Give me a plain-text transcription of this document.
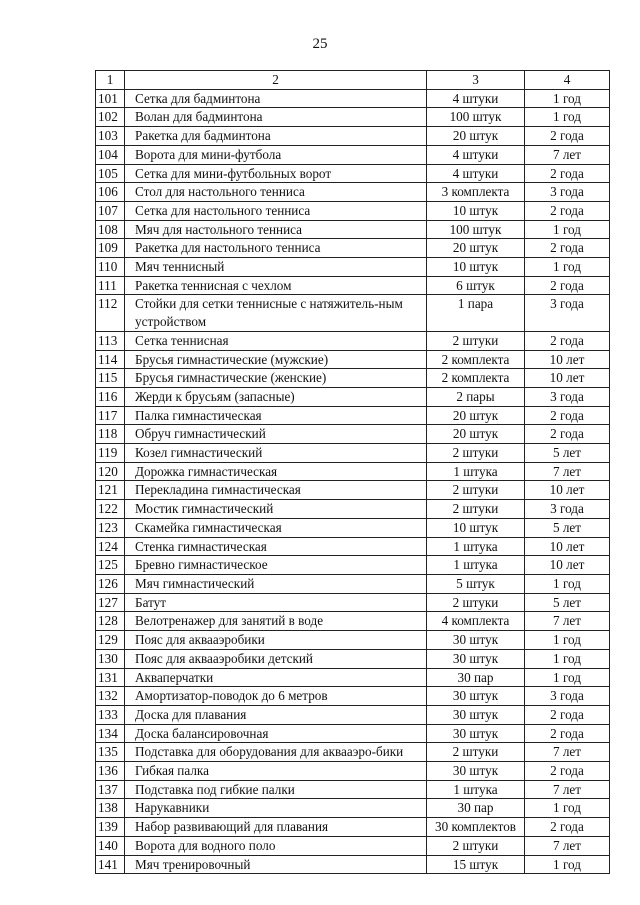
25
1	2	3	4
101	Сетка для бадминтона	4 штуки	1 год
102	Волан для бадминтона	100 штук	1 год
103	Ракетка для бадминтона	20 штук	2 года
104	Ворота для мини-футбола	4 штуки	7 лет
105	Сетка для мини-футбольных ворот	4 штуки	2 года
106	Стол для настольного тенниса	3 комплекта	3 года
107	Сетка для настольного тенниса	10 штук	2 года
108	Мяч для настольного тенниса	100 штук	1 год
109	Ракетка для настольного тенниса	20 штук	2 года
110	Мяч теннисный	10 штук	1 год
111	Ракетка теннисная с чехлом	6 штук	2 года
112	Стойки для сетки теннисные с натяжитель-ным устройством	1 пара	3 года
113	Сетка теннисная	2 штуки	2 года
114	Брусья гимнастические (мужские)	2 комплекта	10 лет
115	Брусья гимнастические (женские)	2 комплекта	10 лет
116	Жерди к брусьям (запасные)	2 пары	3 года
117	Палка гимнастическая	20 штук	2 года
118	Обруч гимнастический	20 штук	2 года
119	Козел гимнастический	2 штуки	5 лет
120	Дорожка гимнастическая	1 штука	7 лет
121	Перекладина гимнастическая	2 штуки	10 лет
122	Мостик гимнастический	2 штуки	3 года
123	Скамейка гимнастическая	10 штук	5 лет
124	Стенка гимнастическая	1 штука	10 лет
125	Бревно гимнастическое	1 штука	10 лет
126	Мяч гимнастический	5 штук	1 год
127	Батут	2 штуки	5 лет
128	Велотренажер для занятий в воде	4 комплекта	7 лет
129	Пояс для аквааэробики	30 штук	1 год
130	Пояс для аквааэробики детский	30 штук	1 год
131	Акваперчатки	30 пар	1 год
132	Амортизатор-поводок до 6 метров	30 штук	3 года
133	Доска для плавания	30 штук	2 года
134	Доска балансировочная	30 штук	2 года
135	Подставка для оборудования для аквааэро-бики	2 штуки	7 лет
136	Гибкая палка	30 штук	2 года
137	Подставка под гибкие палки	1 штука	7 лет
138	Нарукавники	30 пар	1 год
139	Набор развивающий для плавания	30 комплектов	2 года
140	Ворота для водного поло	2 штуки	7 лет
141	Мяч тренировочный	15 штук	1 год
